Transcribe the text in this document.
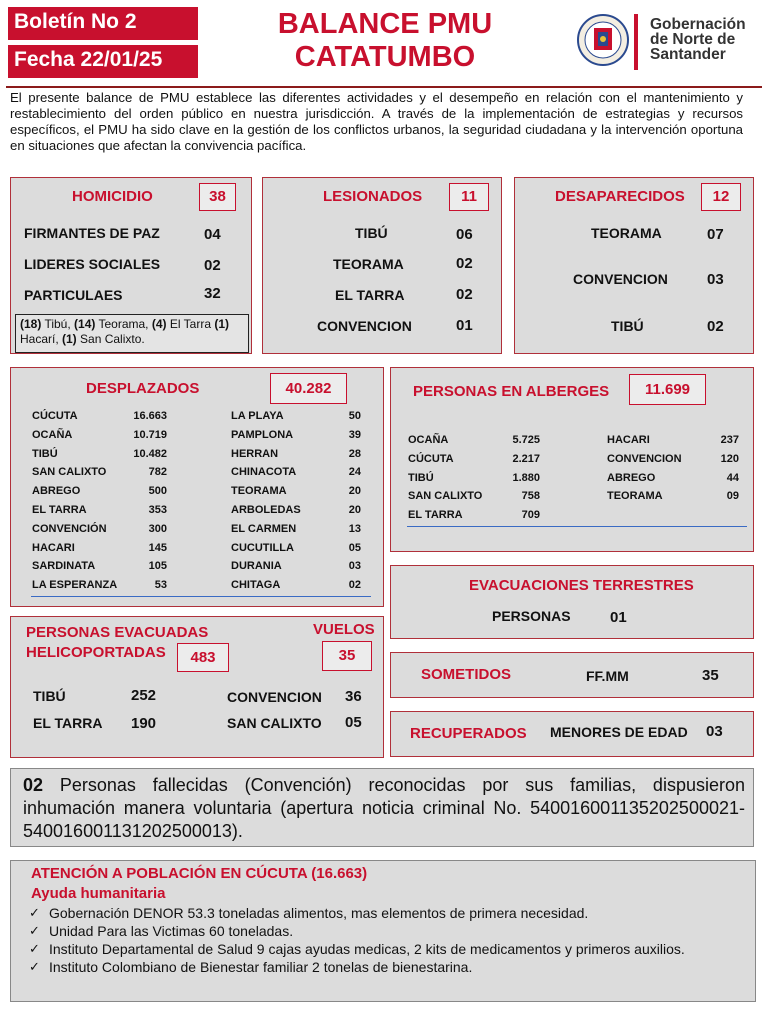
Boletín No 2
Fecha 22/01/25
BALANCE PMU
CATATUMBO
Gobernación
de Norte de
Santander
El presente balance de PMU establece las diferentes actividades y el desempeño en relación con el mantenimiento y restablecimiento del orden público en nuestra jurisdicción. A través de la implementación de estrategias y recursos específicos, el PMU ha sido clave en la gestión de los conflictos urbanos, la seguridad ciudadana y la intervención oportuna en situaciones que afectan la convivencia pacífica.
HOMICIDIO	38
FIRMANTES DE PAZ	04
LIDERES SOCIALES	02
PARTICULAES	32
(18) Tibú, (14) Teorama, (4) El Tarra (1) Hacarí, (1) San Calixto.
LESIONADOS	11
TIBÚ	06
TEORAMA	02
EL TARRA	02
CONVENCION	01
DESAPARECIDOS	12
TEORAMA	07
CONVENCION	03
TIBÚ	02
DESPLAZADOS	40.282
CÚCUTA	16.663
OCAÑA	10.719
TIBÚ	10.482
SAN CALIXTO	782
ABREGO	500
EL TARRA	353
CONVENCIÓN	300
HACARI	145
SARDINATA	105
LA ESPERANZA	53
LA PLAYA	50
PAMPLONA	39
HERRAN	28
CHINACOTA	24
TEORAMA	20
ARBOLEDAS	20
EL CARMEN	13
CUCUTILLA	05
DURANIA	03
CHITAGA	02
PERSONAS EN ALBERGES	11.699
OCAÑA	5.725
CÚCUTA	2.217
TIBÚ	1.880
SAN CALIXTO	758
EL TARRA	709
HACARI	237
CONVENCION	120
ABREGO	44
TEORAMA	09
EVACUACIONES TERRESTRES
PERSONAS	01
PERSONAS EVACUADAS
HELICOPORTADAS	483
VUELOS
35
TIBÚ	252
EL TARRA 190
CONVENCION 36
SAN CALIXTO 05
SOMETIDOS	FF.MM	35
RECUPERADOS MENORES DE EDAD 03
02 Personas fallecidas (Convención) reconocidas por sus familias, dispusieron inhumación manera voluntaria (apertura noticia criminal No. 540016001135202500021- 540016001131202500013).
ATENCIÓN A POBLACIÓN EN CÚCUTA (16.663)
Ayuda humanitaria
✓ Gobernación DENOR 53.3 toneladas alimentos, mas elementos de primera necesidad.
✓ Unidad Para las Victimas 60 toneladas.
✓ Instituto Departamental de Salud 9 cajas ayudas medicas, 2 kits de medicamentos y primeros auxilios.
✓ Instituto Colombiano de Bienestar familiar 2 tonelas de bienestarina.
